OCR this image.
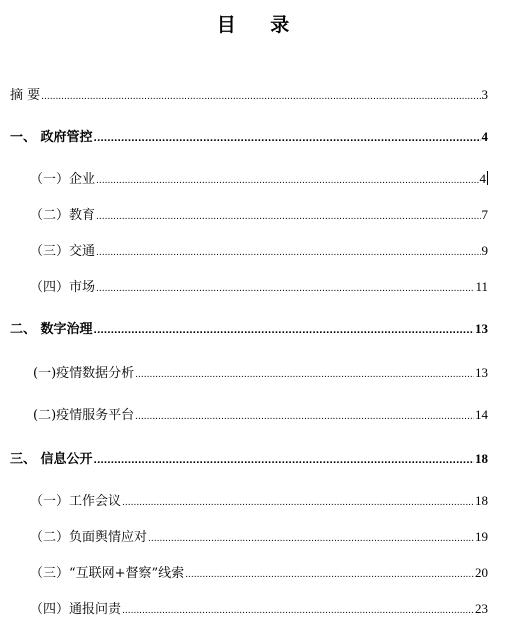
目 录
摘 要 .....	3
一、 政府管控 .....	4
（一）企业 .....	4
（二）教育 .....	7
（三）交通 .....	9
（四）市场 .....	11
二、 数字治理 .....	13
(一)疫情数据分析 .....	13
(二)疫情服务平台 .....	14
三、 信息公开 .....	18
（一）工作会议 .....	18
（二）负面舆情应对 .....	19
（三）“互联网+督察”线索 .....	20
（四）通报问责 .....	23
